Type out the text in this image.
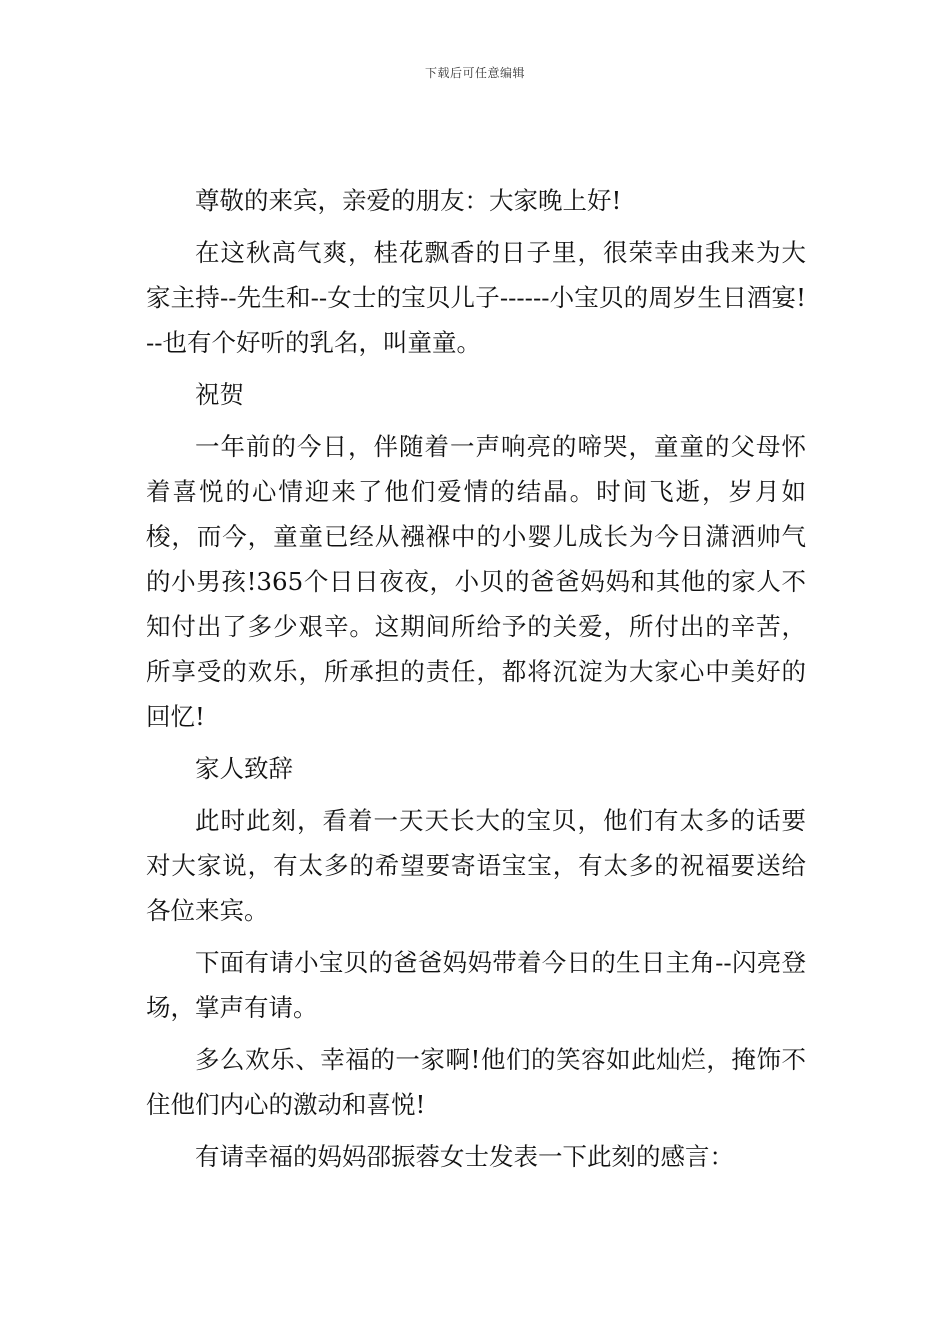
下载后可任意编辑

尊敬的来宾，亲爱的朋友：大家晚上好!

在这秋高气爽，桂花飘香的日子里，很荣幸由我来为大家主持--先生和--女士的宝贝儿子------小宝贝的周岁生日酒宴!--也有个好听的乳名，叫童童。

祝贺

一年前的今日，伴随着一声响亮的啼哭，童童的父母怀着喜悦的心情迎来了他们爱情的结晶。时间飞逝，岁月如梭，而今，童童已经从襁褓中的小婴儿成长为今日潇洒帅气的小男孩!365个日日夜夜，小贝的爸爸妈妈和其他的家人不知付出了多少艰辛。这期间所给予的关爱，所付出的辛苦，所享受的欢乐，所承担的责任，都将沉淀为大家心中美好的回忆!

家人致辞

此时此刻，看着一天天长大的宝贝，他们有太多的话要对大家说，有太多的希望要寄语宝宝，有太多的祝福要送给各位来宾。

下面有请小宝贝的爸爸妈妈带着今日的生日主角--闪亮登场，掌声有请。

多么欢乐、幸福的一家啊!他们的笑容如此灿烂，掩饰不住他们内心的激动和喜悦!

有请幸福的妈妈邵振蓉女士发表一下此刻的感言：
